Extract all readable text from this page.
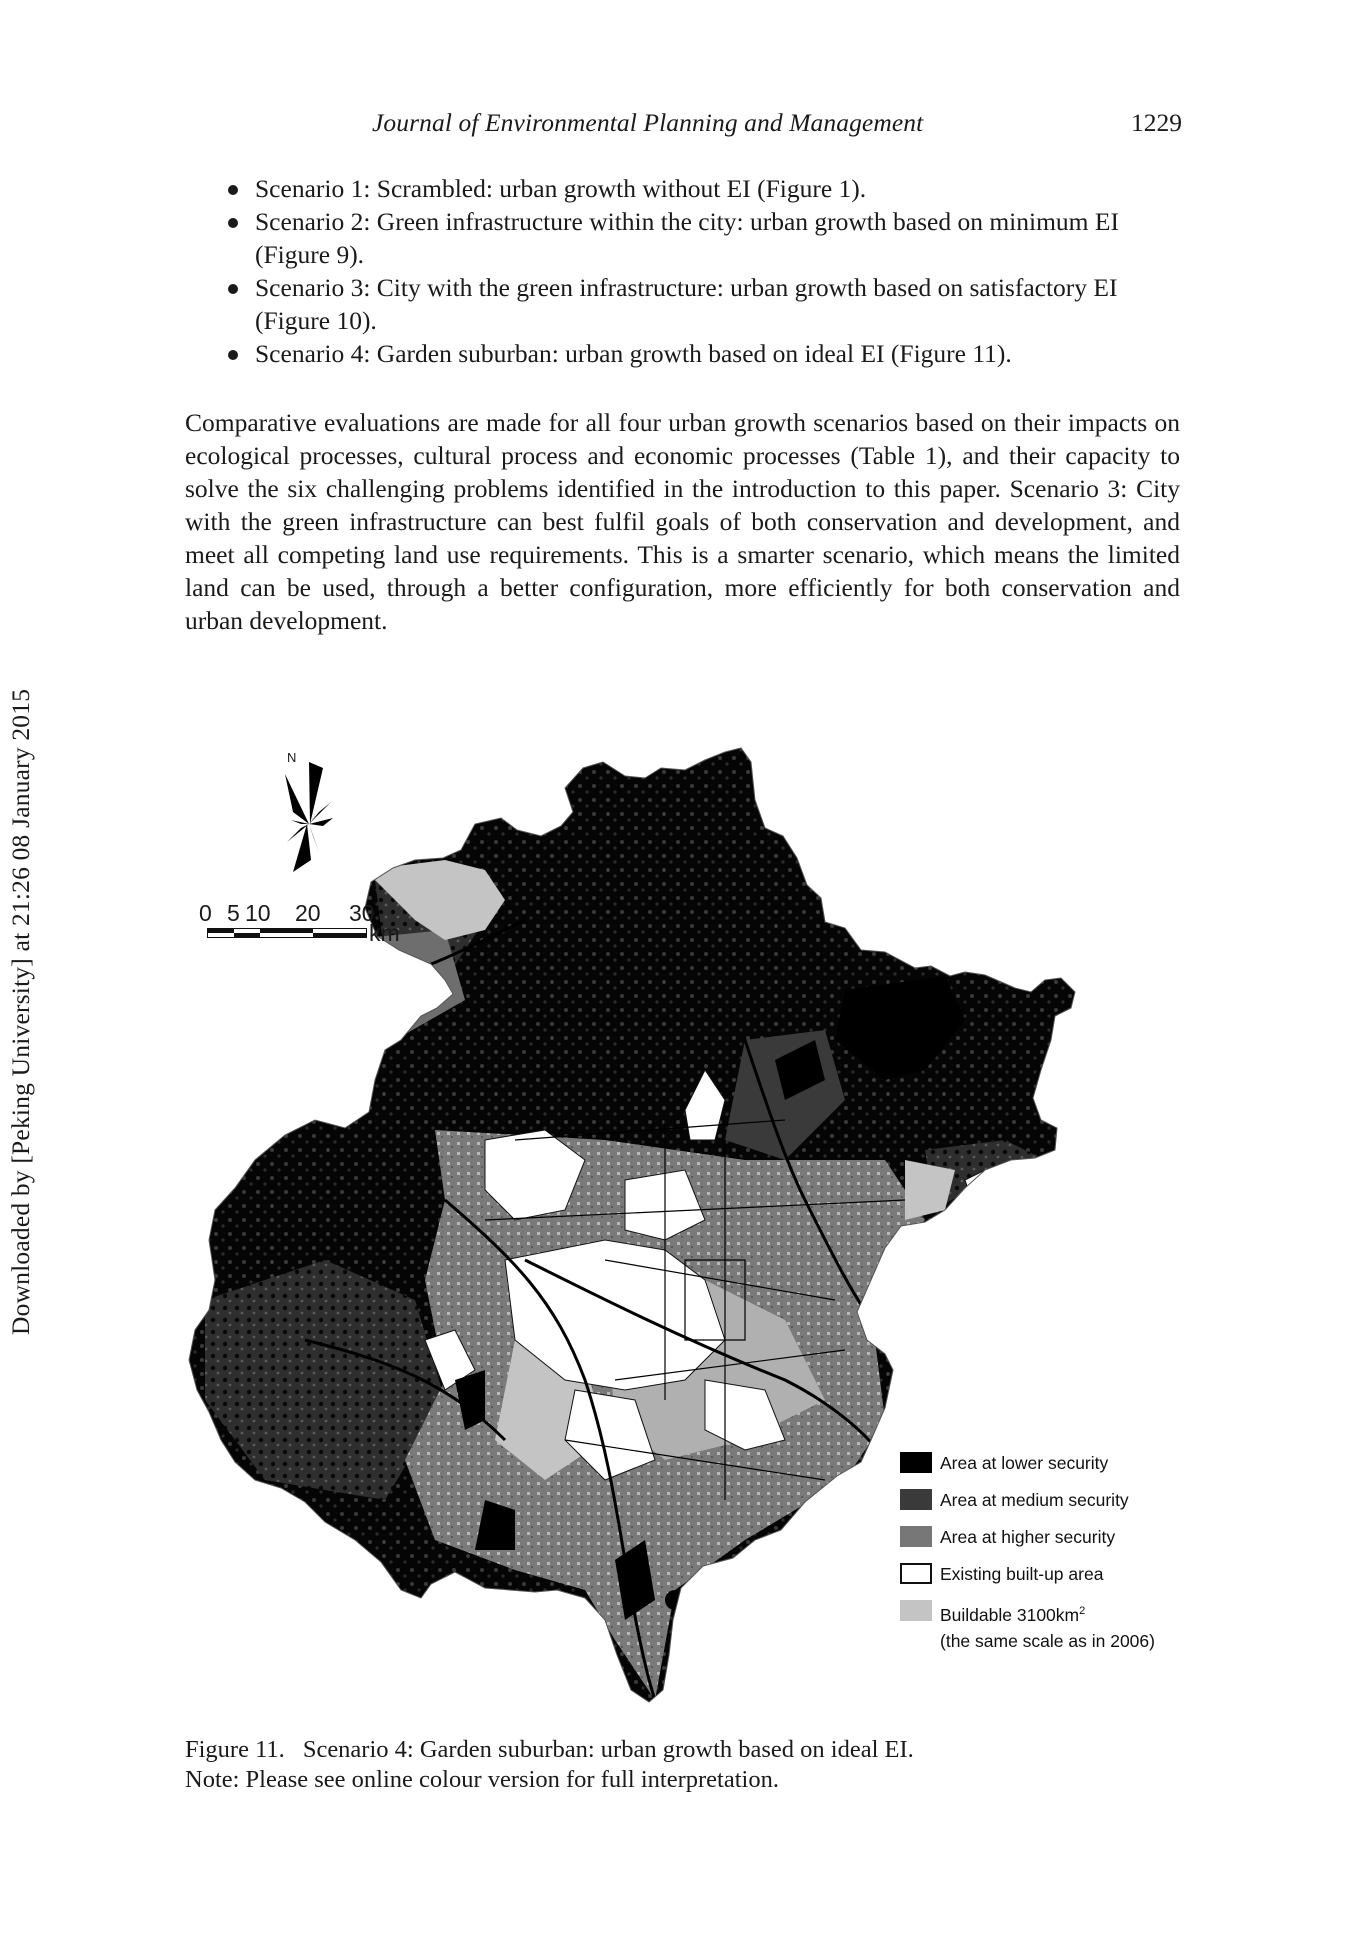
Journal of Environmental Planning and Management	1229
Downloaded by [Peking University] at 21:26 08 January 2015
Scenario 1: Scrambled: urban growth without EI (Figure 1).
Scenario 2: Green infrastructure within the city: urban growth based on minimum EI (Figure 9).
Scenario 3: City with the green infrastructure: urban growth based on satisfactory EI (Figure 10).
Scenario 4: Garden suburban: urban growth based on ideal EI (Figure 11).

Comparative evaluations are made for all four urban growth scenarios based on their impacts on ecological processes, cultural process and economic processes (Table 1), and their capacity to solve the six challenging problems identified in the introduction to this paper. Scenario 3: City with the green infrastructure can best fulfil goals of both conservation and development, and meet all competing land use requirements. This is a smarter scenario, which means the limited land can be used, through a better configuration, more efficiently for both conservation and urban development.

N
0 5 10 20 30
km
Area at lower security
Area at medium security
Area at higher security
Existing built-up area
Buildable $3100km^2$
(the same scale as in 2006)
Figure 11. Scenario 4: Garden suburban: urban growth based on ideal EI.
Note: Please see online colour version for full interpretation.
